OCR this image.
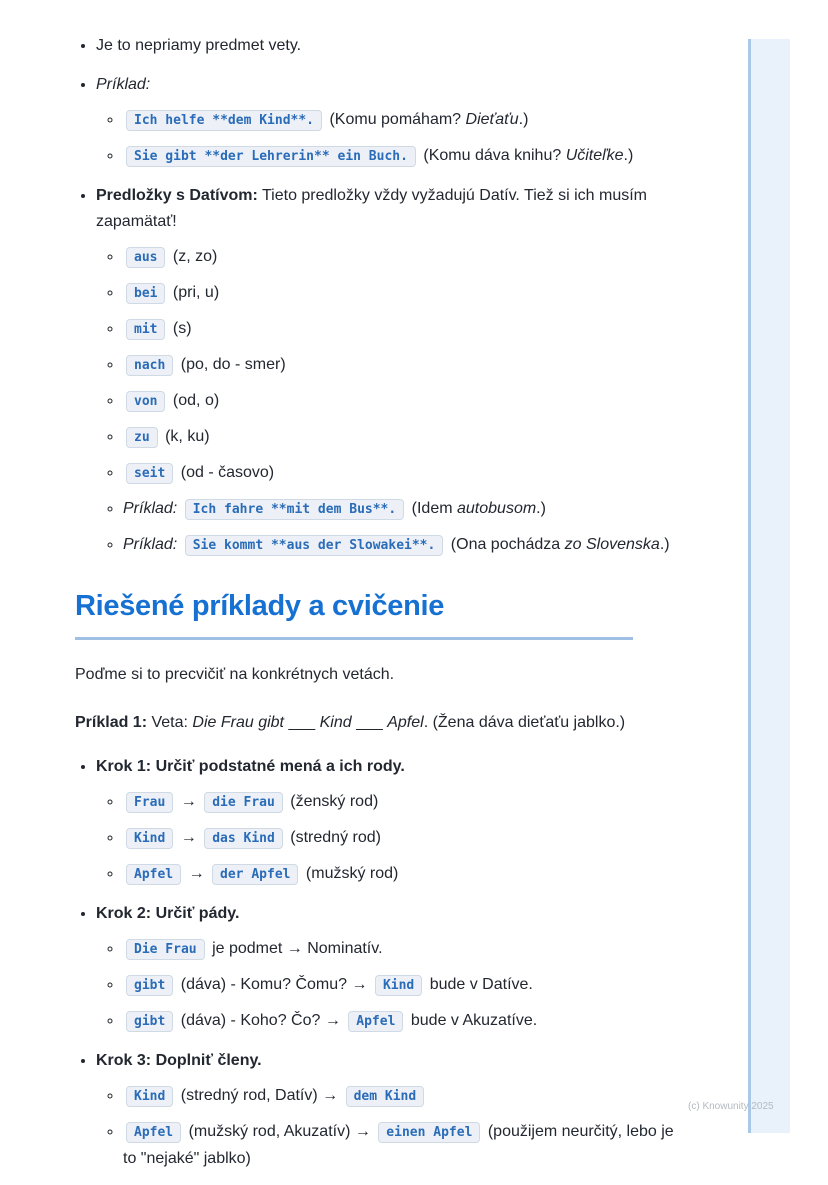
(c) Knowunity 2025
• Je to nepriamy predmet vety.
• Príklad:
◦ Ich helfe **dem Kind**. (Komu pomáham? Dieťaťu.)
◦ Sie gibt **der Lehrerin** ein Buch. (Komu dáva knihu? Učiteľke.)
• Predložky s Datívom: Tieto predložky vždy vyžadujú Datív. Tiež si ich musím zapamätať!
◦ aus (z, zo)
◦ bei (pri, u)
◦ mit (s)
◦ nach (po, do - smer)
◦ von (od, o)
◦ zu (k, ku)
◦ seit (od - časovo)
◦ Príklad: Ich fahre **mit dem Bus**. (Idem autobusom.)
◦ Príklad: Sie kommt **aus der Slowakei**. (Ona pochádza zo Slovenska.)
Riešené príklady a cvičenie

Poďme si to precvičiť na konkrétnych vetách.

Príklad 1: Veta: Die Frau gibt ___ Kind ___ Apfel. (Žena dáva dieťaťu jablko.)

• Krok 1: Určiť podstatné mená a ich rody.
◦ Frau → die Frau (ženský rod)
◦ Kind → das Kind (stredný rod)
◦ Apfel → der Apfel (mužský rod)
• Krok 2: Určiť pády.
◦ Die Frau je podmet → Nominatív.
◦ gibt (dáva) - Komu? Čomu? → Kind bude v Datíve.
◦ gibt (dáva) - Koho? Čo? → Apfel bude v Akuzatíve.
• Krok 3: Doplniť členy.
◦ Kind (stredný rod, Datív) → dem Kind
◦ Apfel (mužský rod, Akuzatív) → einen Apfel (použijem neurčitý, lebo je to "nejaké" jablko)
